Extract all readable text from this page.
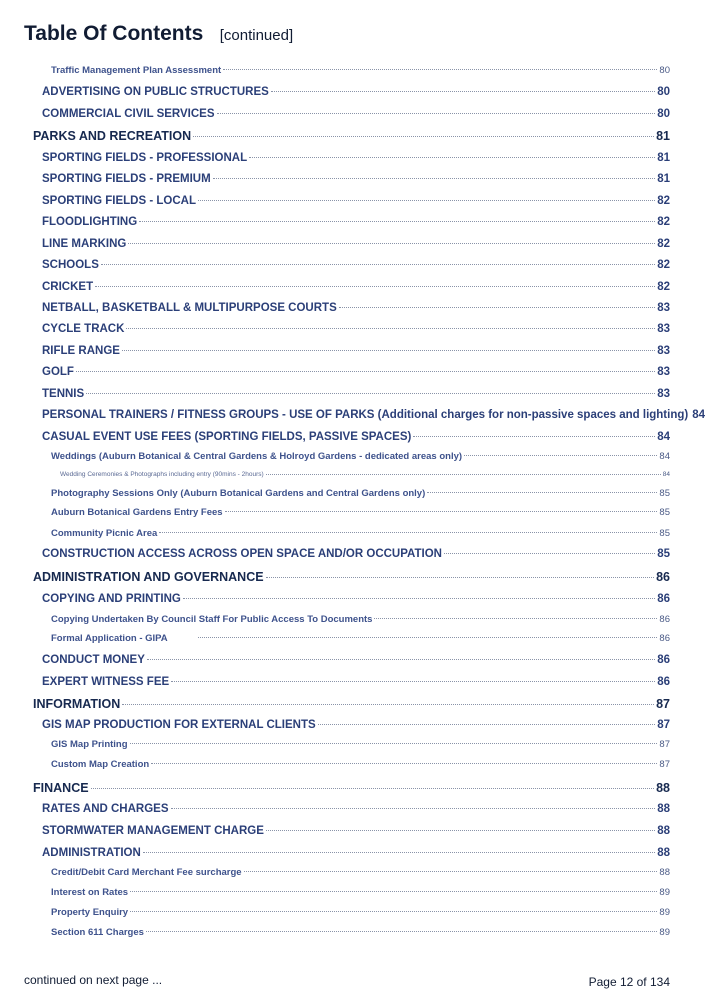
Table Of Contents [continued]
Traffic Management Plan Assessment	80
ADVERTISING ON PUBLIC STRUCTURES	80
COMMERCIAL CIVIL SERVICES	80
PARKS AND RECREATION	81
SPORTING FIELDS - PROFESSIONAL	81
SPORTING FIELDS - PREMIUM	81
SPORTING FIELDS - LOCAL	82
FLOODLIGHTING	82
LINE MARKING	82
SCHOOLS	82
CRICKET	82
NETBALL, BASKETBALL & MULTIPURPOSE COURTS	83
CYCLE TRACK	83
RIFLE RANGE	83
GOLF	83
TENNIS	83
PERSONAL TRAINERS / FITNESS GROUPS - USE OF PARKS (Additional charges for non-passive spaces and lighting) 84
CASUAL EVENT USE FEES (SPORTING FIELDS, PASSIVE SPACES)	84
Weddings (Auburn Botanical & Central Gardens & Holroyd Gardens - dedicated areas only)	84
Wedding Ceremonies & Photographs including entry (90mins - 2hours)	84
Photography Sessions Only (Auburn Botanical Gardens and Central Gardens only)	85
Auburn Botanical Gardens Entry Fees	85
Community Picnic Area	85
CONSTRUCTION ACCESS ACROSS OPEN SPACE AND/OR OCCUPATION	85
ADMINISTRATION AND GOVERNANCE	86
COPYING AND PRINTING	86
Copying Undertaken By Council Staff For Public Access To Documents	86
Formal Application - GIPA	86
CONDUCT MONEY	86
EXPERT WITNESS FEE	86
INFORMATION	87
GIS MAP PRODUCTION FOR EXTERNAL CLIENTS	87
GIS Map Printing	87
Custom Map Creation	87
FINANCE	88
RATES AND CHARGES	88
STORMWATER MANAGEMENT CHARGE	88
ADMINISTRATION	88
Credit/Debit Card Merchant Fee surcharge	88
Interest on Rates	89
Property Enquiry	89
Section 611 Charges	89
continued on next page ...	Page 12 of 134
